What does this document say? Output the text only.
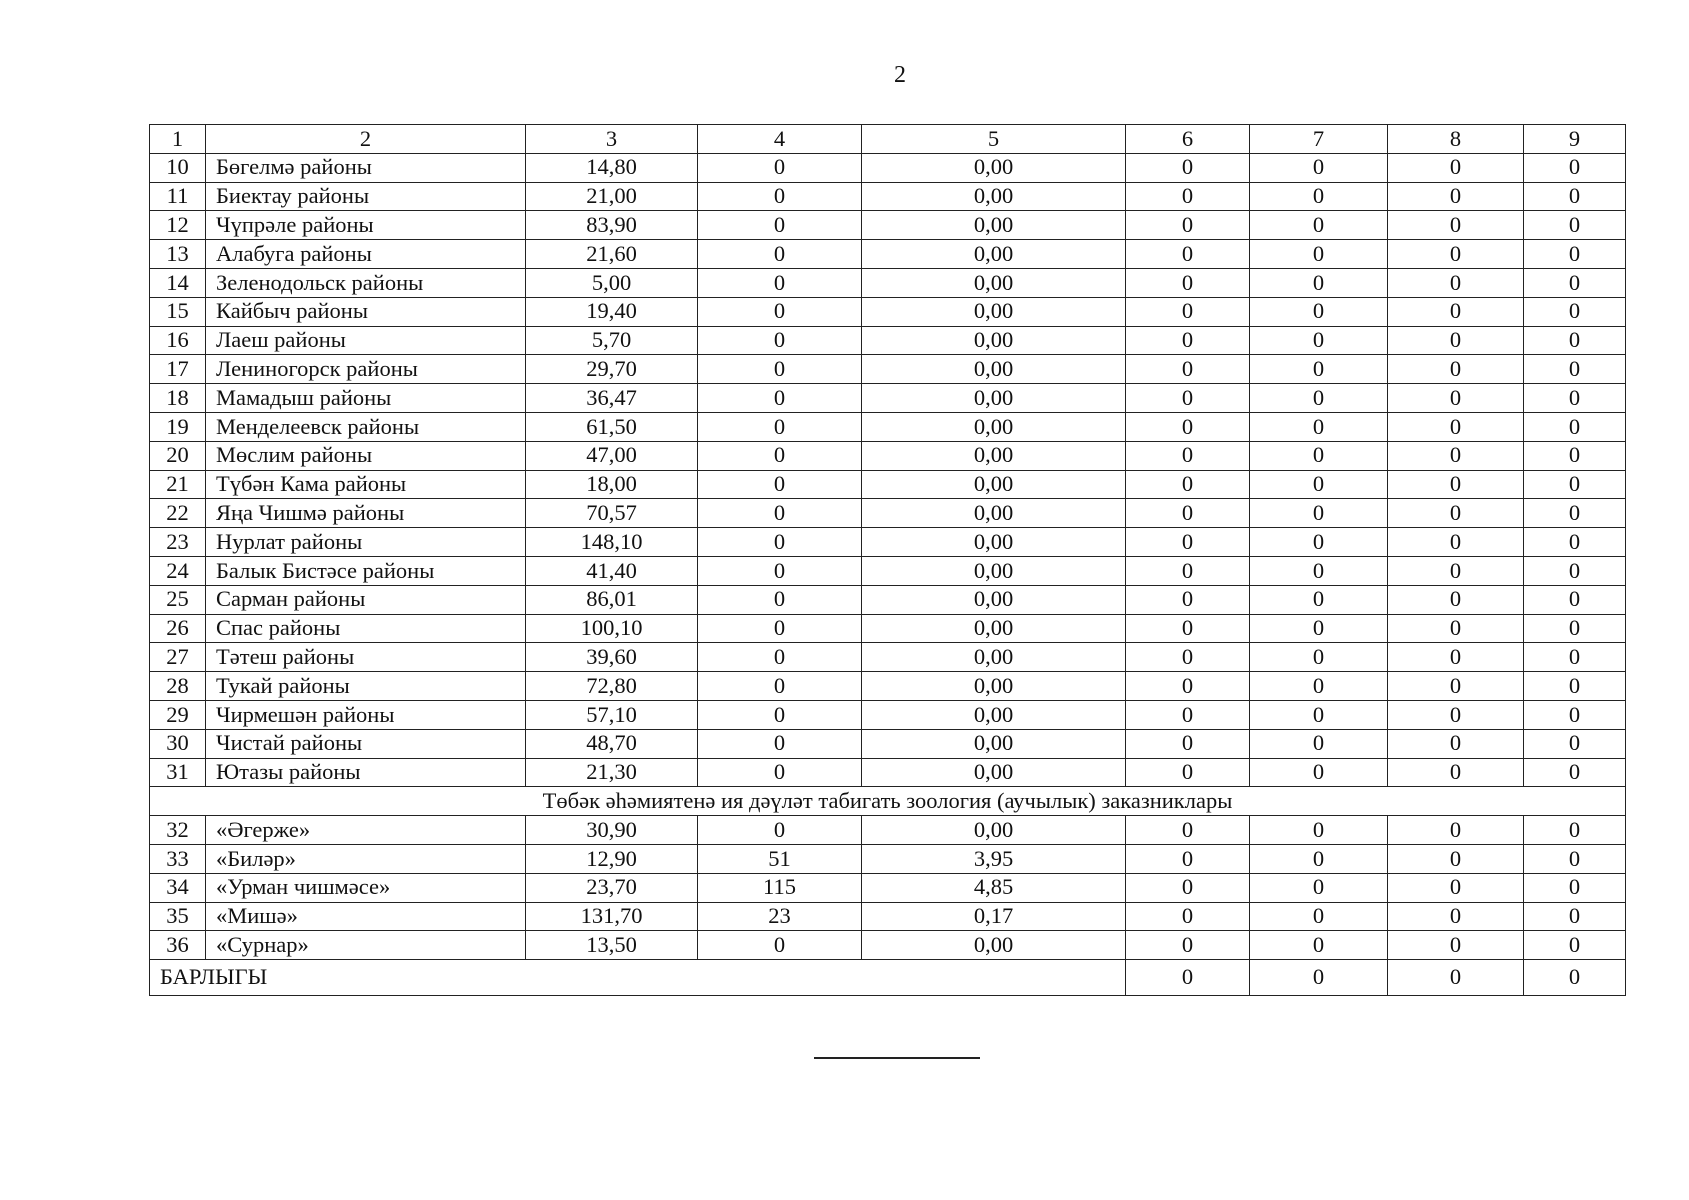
2
1	2	3	4	5	6	7	8	9
10	Бөгелмә районы	14,80	0	0,00	0	0	0	0
11	Биектау районы	21,00	0	0,00	0	0	0	0
12	Чүпрәле районы	83,90	0	0,00	0	0	0	0
13	Алабуга районы	21,60	0	0,00	0	0	0	0
14	Зеленодольск районы	5,00	0	0,00	0	0	0	0
15	Кайбыч районы	19,40	0	0,00	0	0	0	0
16	Лаеш районы	5,70	0	0,00	0	0	0	0
17	Лениногорск районы	29,70	0	0,00	0	0	0	0
18	Мамадыш районы	36,47	0	0,00	0	0	0	0
19	Менделеевск районы	61,50	0	0,00	0	0	0	0
20	Мөслим районы	47,00	0	0,00	0	0	0	0
21	Түбән Кама районы	18,00	0	0,00	0	0	0	0
22	Яңа Чишмә районы	70,57	0	0,00	0	0	0	0
23	Нурлат районы	148,10	0	0,00	0	0	0	0
24	Балык Бистәсе районы	41,40	0	0,00	0	0	0	0
25	Сарман районы	86,01	0	0,00	0	0	0	0
26	Спас районы	100,10	0	0,00	0	0	0	0
27	Тәтеш районы	39,60	0	0,00	0	0	0	0
28	Тукай районы	72,80	0	0,00	0	0	0	0
29	Чирмешән районы	57,10	0	0,00	0	0	0	0
30	Чистай районы	48,70	0	0,00	0	0	0	0
31	Ютазы районы	21,30	0	0,00	0	0	0	0
Төбәк әһәмиятенә ия дәүләт табигать зоология (аучылык) заказниклары								
32	«Әгерже»	30,90	0	0,00	0	0	0	0
33	«Биләр»	12,90	51	3,95	0	0	0	0
34	«Урман чишмәсе»	23,70	115	4,85	0	0	0	0
35	«Мишә»	131,70	23	0,17	0	0	0	0
36	«Сурнар»	13,50	0	0,00	0	0	0	0
БАРЛЫГЫ					0	0	0	0
